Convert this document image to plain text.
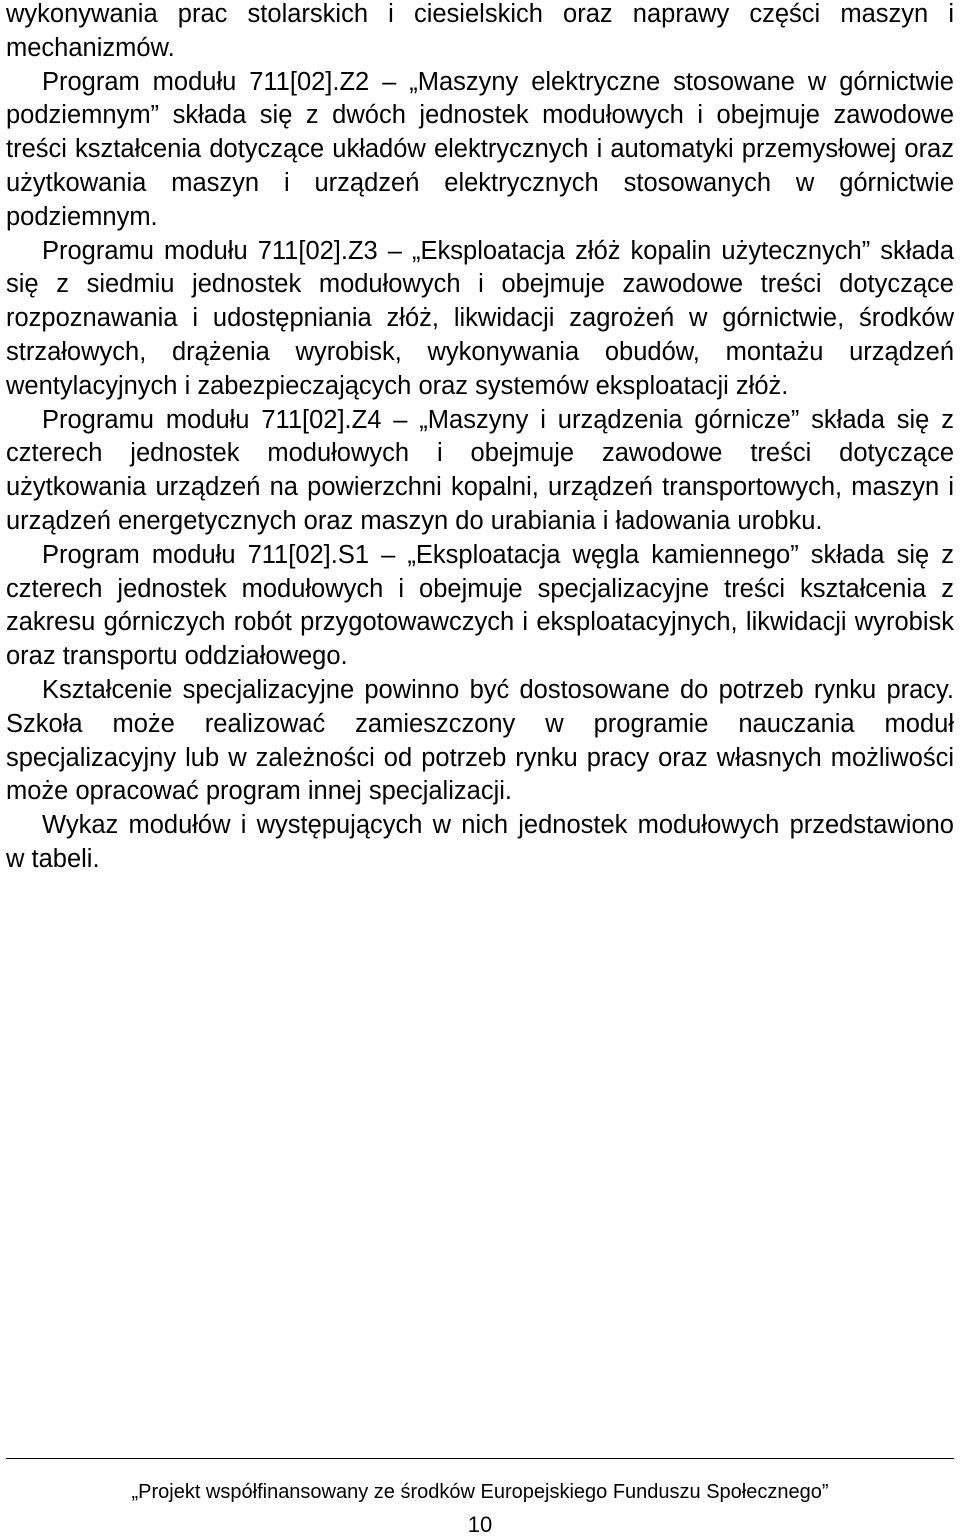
wykonywania prac stolarskich i ciesielskich oraz naprawy części maszyn i mechanizmów.

Program modułu 711[02].Z2 – „Maszyny elektryczne stosowane w górnictwie podziemnym” składa się z dwóch jednostek modułowych i obejmuje zawodowe treści kształcenia dotyczące układów elektrycznych i automatyki przemysłowej oraz użytkowania maszyn i urządzeń elektrycznych stosowanych w górnictwie podziemnym.

Programu modułu 711[02].Z3 – „Eksploatacja złóż kopalin użytecznych” składa się z siedmiu jednostek modułowych i obejmuje zawodowe treści dotyczące rozpoznawania i udostępniania złóż, likwidacji zagrożeń w górnictwie, środków strzałowych, drążenia wyrobisk, wykonywania obudów, montażu urządzeń wentylacyjnych i zabezpieczających oraz systemów eksploatacji złóż.

Programu modułu 711[02].Z4 – „Maszyny i urządzenia górnicze” składa się z czterech jednostek modułowych i obejmuje zawodowe treści dotyczące użytkowania urządzeń na powierzchni kopalni, urządzeń transportowych, maszyn i urządzeń energetycznych oraz maszyn do urabiania i ładowania urobku.

Program modułu 711[02].S1 – „Eksploatacja węgla kamiennego” składa się z czterech jednostek modułowych i obejmuje specjalizacyjne treści kształcenia z zakresu górniczych robót przygotowawczych i eksploatacyjnych, likwidacji wyrobisk oraz transportu oddziałowego.

Kształcenie specjalizacyjne powinno być dostosowane do potrzeb rynku pracy. Szkoła może realizować zamieszczony w programie nauczania moduł specjalizacyjny lub w zależności od potrzeb rynku pracy oraz własnych możliwości może opracować program innej specjalizacji.

Wykaz modułów i występujących w nich jednostek modułowych przedstawiono w tabeli.

„Projekt współfinansowany ze środków Europejskiego Funduszu Społecznego”
10
